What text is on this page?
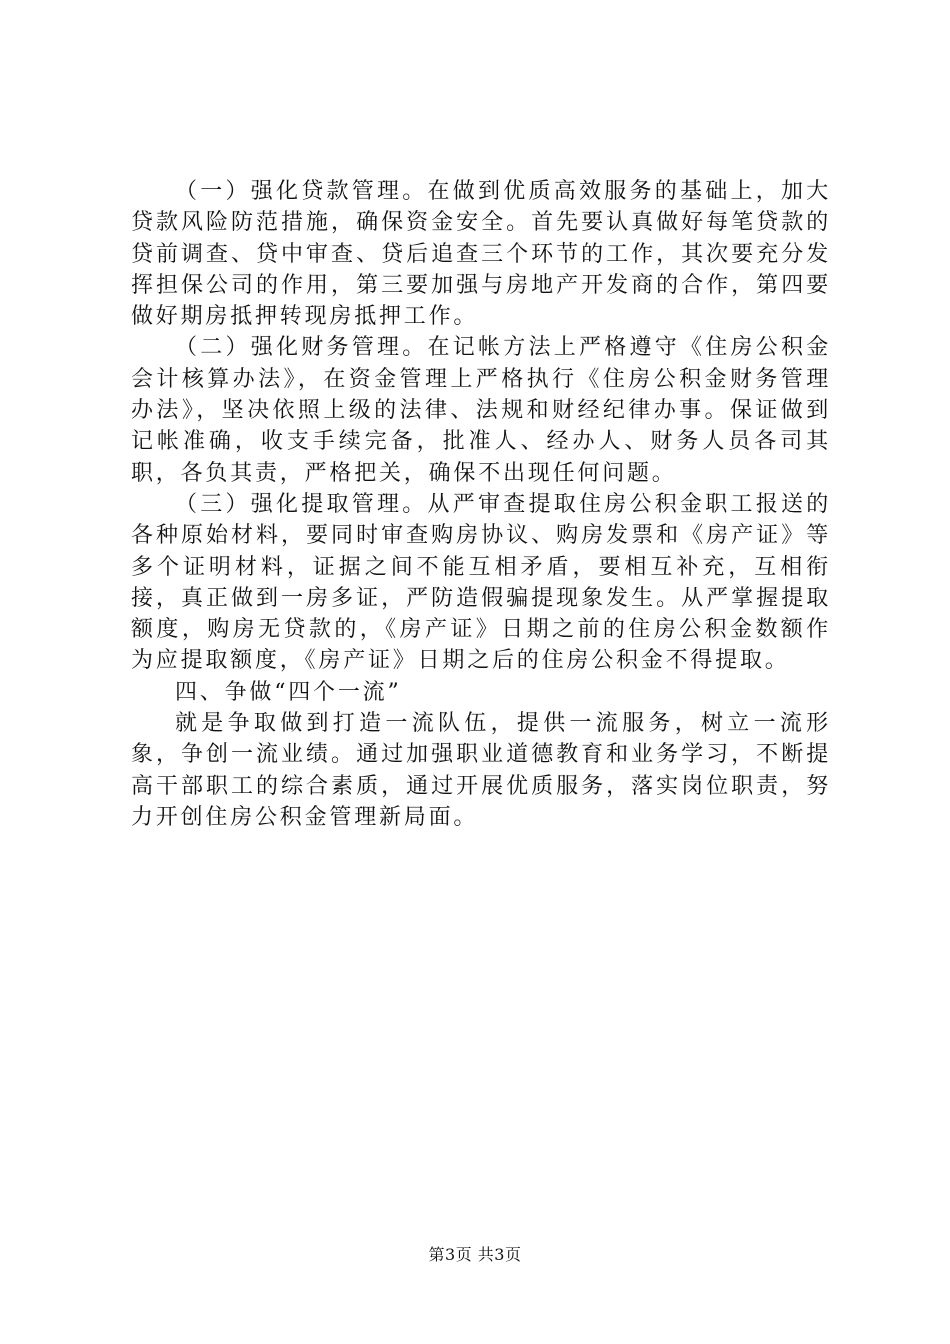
（一）强化贷款管理。在做到优质高效服务的基础上，加大贷款风险防范措施，确保资金安全。首先要认真做好每笔贷款的贷前调查、贷中审查、贷后追查三个环节的工作，其次要充分发挥担保公司的作用，第三要加强与房地产开发商的合作，第四要做好期房抵押转现房抵押工作。

（二）强化财务管理。在记帐方法上严格遵守《住房公积金会计核算办法》，在资金管理上严格执行《住房公积金财务管理办法》，坚决依照上级的法律、法规和财经纪律办事。保证做到记帐准确，收支手续完备，批准人、经办人、财务人员各司其职，各负其责，严格把关，确保不出现任何问题。

（三）强化提取管理。从严审查提取住房公积金职工报送的各种原始材料，要同时审查购房协议、购房发票和《房产证》等多个证明材料，证据之间不能互相矛盾，要相互补充，互相衔接，真正做到一房多证，严防造假骗提现象发生。从严掌握提取额度，购房无贷款的，《房产证》日期之前的住房公积金数额作为应提取额度，《房产证》日期之后的住房公积金不得提取。

四、争做“四个一流”

就是争取做到打造一流队伍，提供一流服务，树立一流形象，争创一流业绩。通过加强职业道德教育和业务学习，不断提高干部职工的综合素质，通过开展优质服务，落实岗位职责，努力开创住房公积金管理新局面。

第3页 共3页
